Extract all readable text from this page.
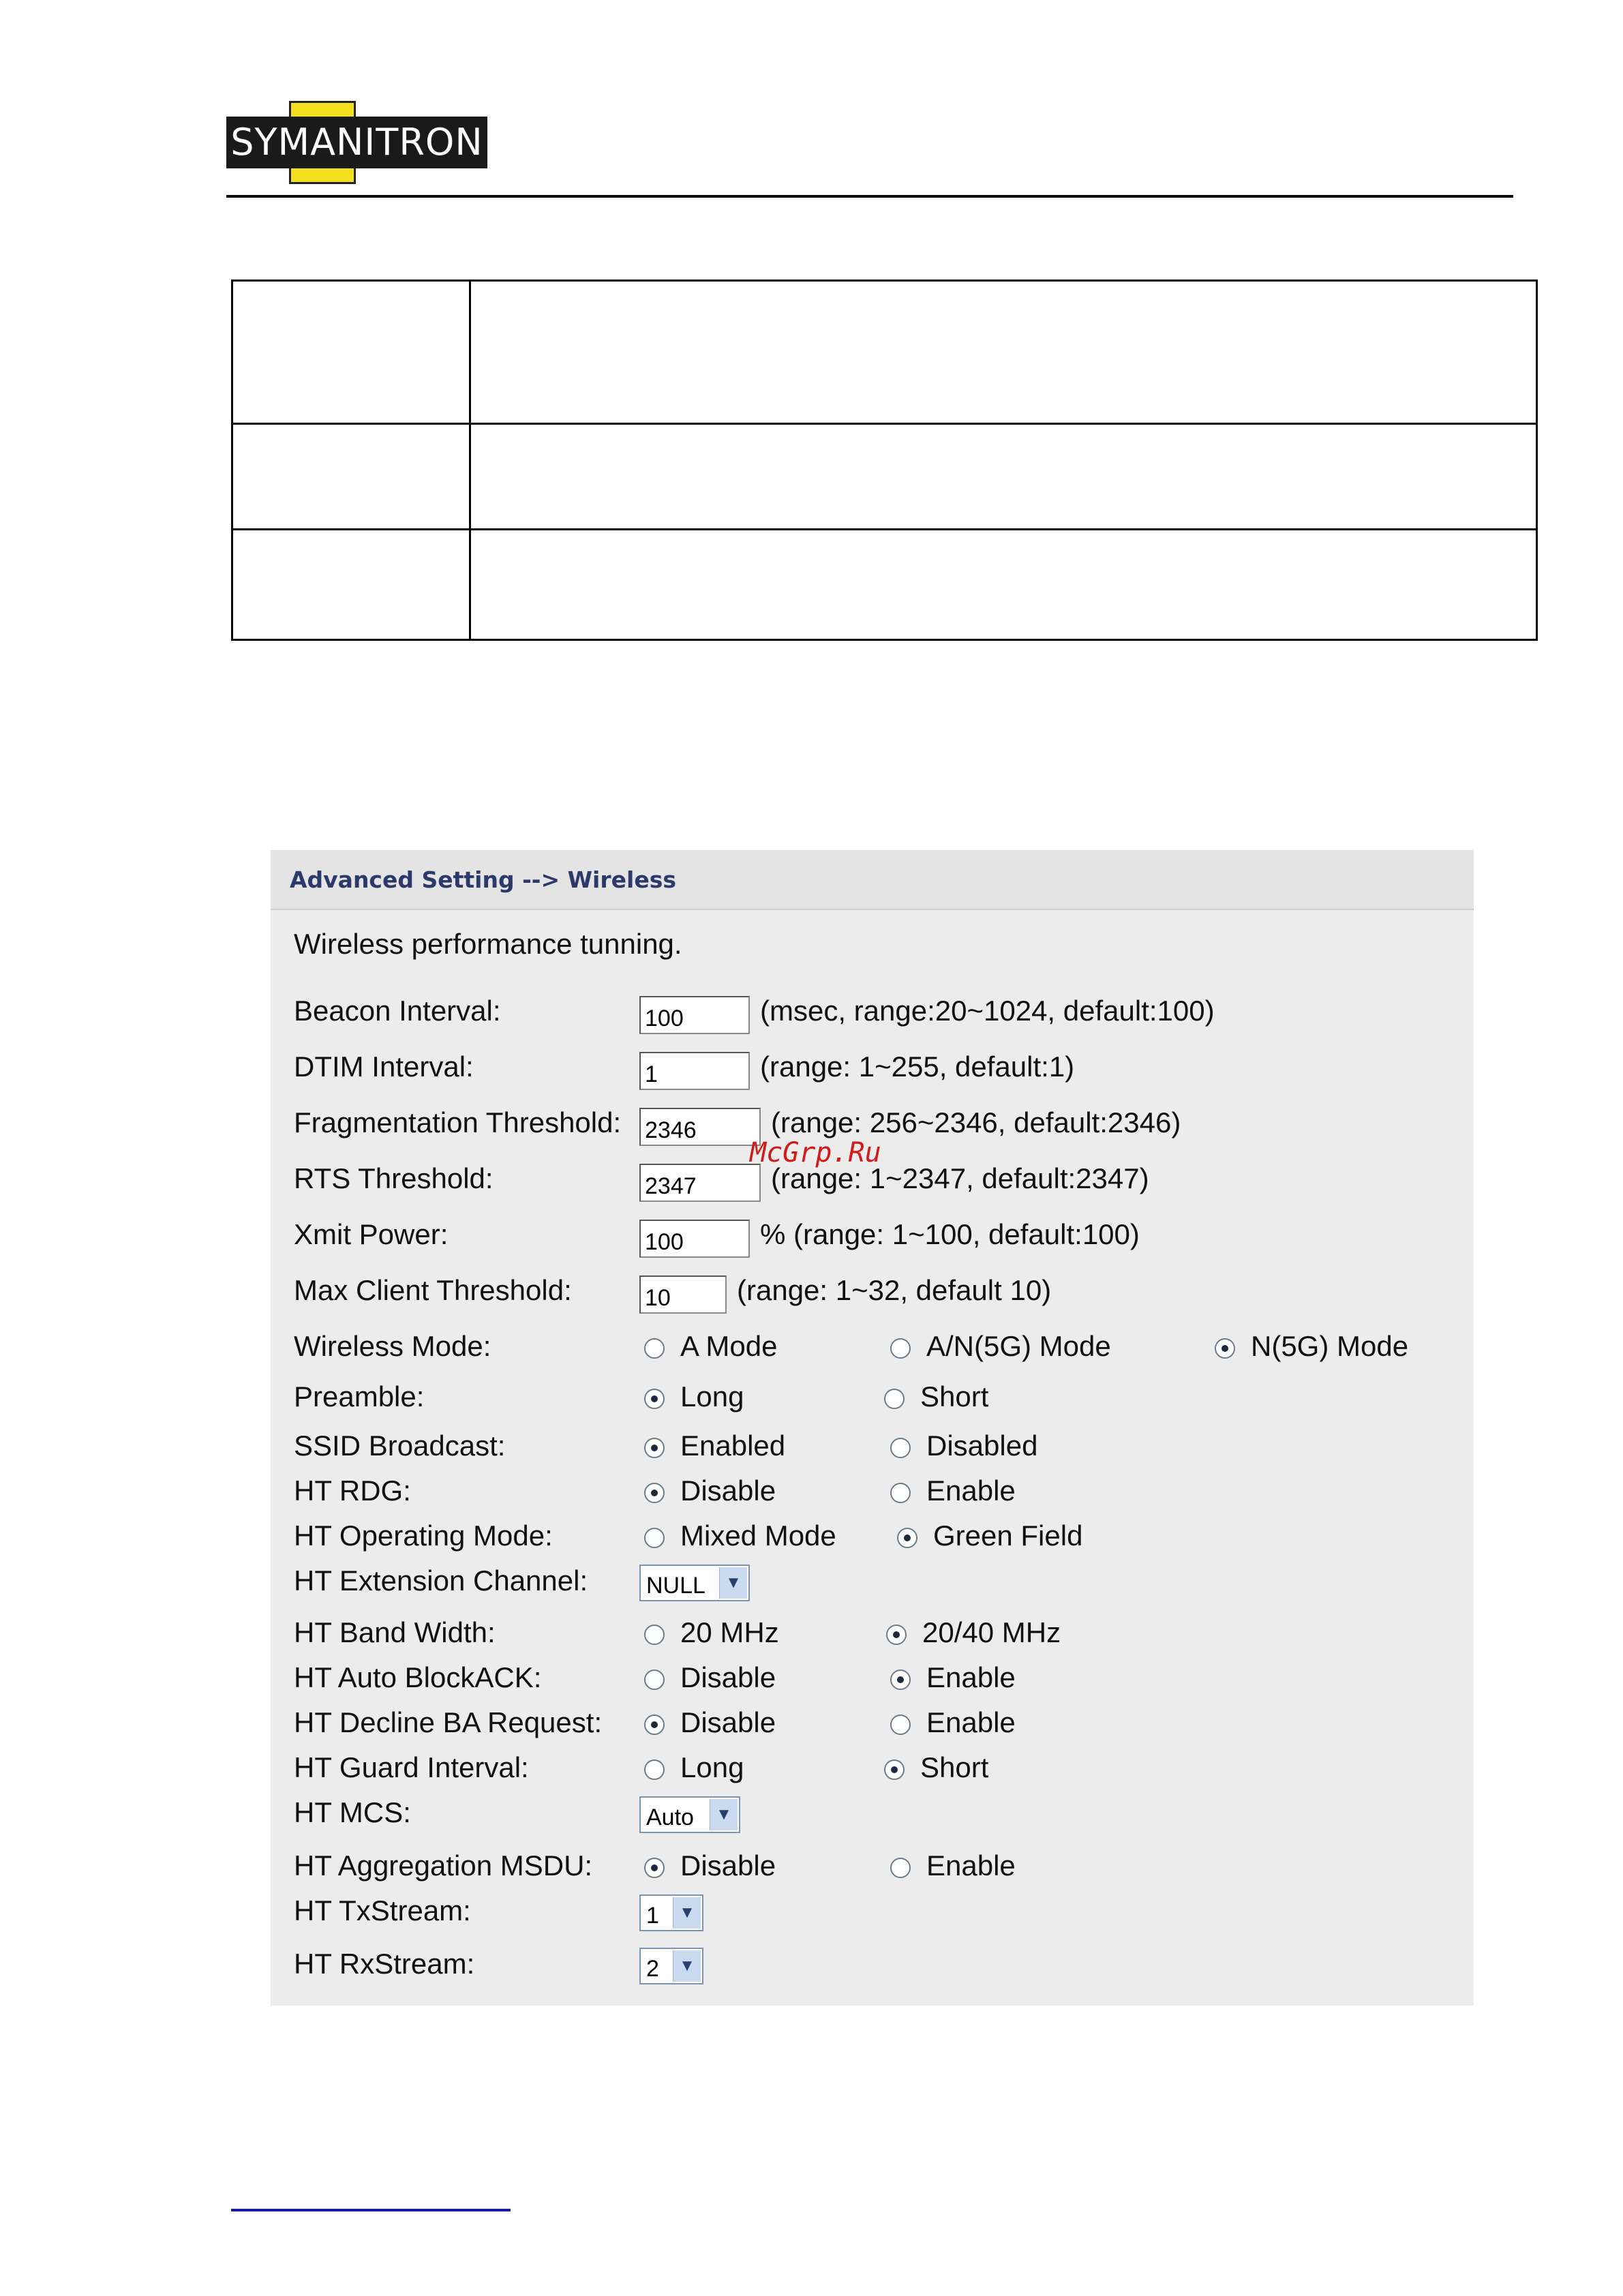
SYMANITRON

Advanced Setting --> Wireless
Wireless performance tunning.
Beacon Interval:	100	(msec, range:20~1024, default:100)
DTIM Interval:	1	(range: 1~255, default:1)
Fragmentation Threshold: 2346	(range: 256~2346, default:2346)
RTS Threshold:	2347	(range: 1~2347, default:2347)
Xmit Power:	100	% (range: 1~100, default:100)
Max Client Threshold:	10	(range: 1~32, default 10)
Wireless Mode:	A Mode	A/N(5G) Mode	N(5G) Mode
Preamble:	Long	Short
SSID Broadcast:	Enabled	Disabled
HT RDG:	Disable	Enable
HT Operating Mode:	Mixed Mode	Green Field
HT Extension Channel:	NULL	▼
HT Band Width:	20 MHz	20/40 MHz
HT Auto BlockACK:	Disable	Enable
HT Decline BA Request:	Disable	Enable
HT Guard Interval:	Long	Short
HT MCS:	Auto	▼
HT Aggregation MSDU:	Disable	Enable
HT TxStream:	1	▼
HT RxStream:	2	▼
McGrp.Ru
